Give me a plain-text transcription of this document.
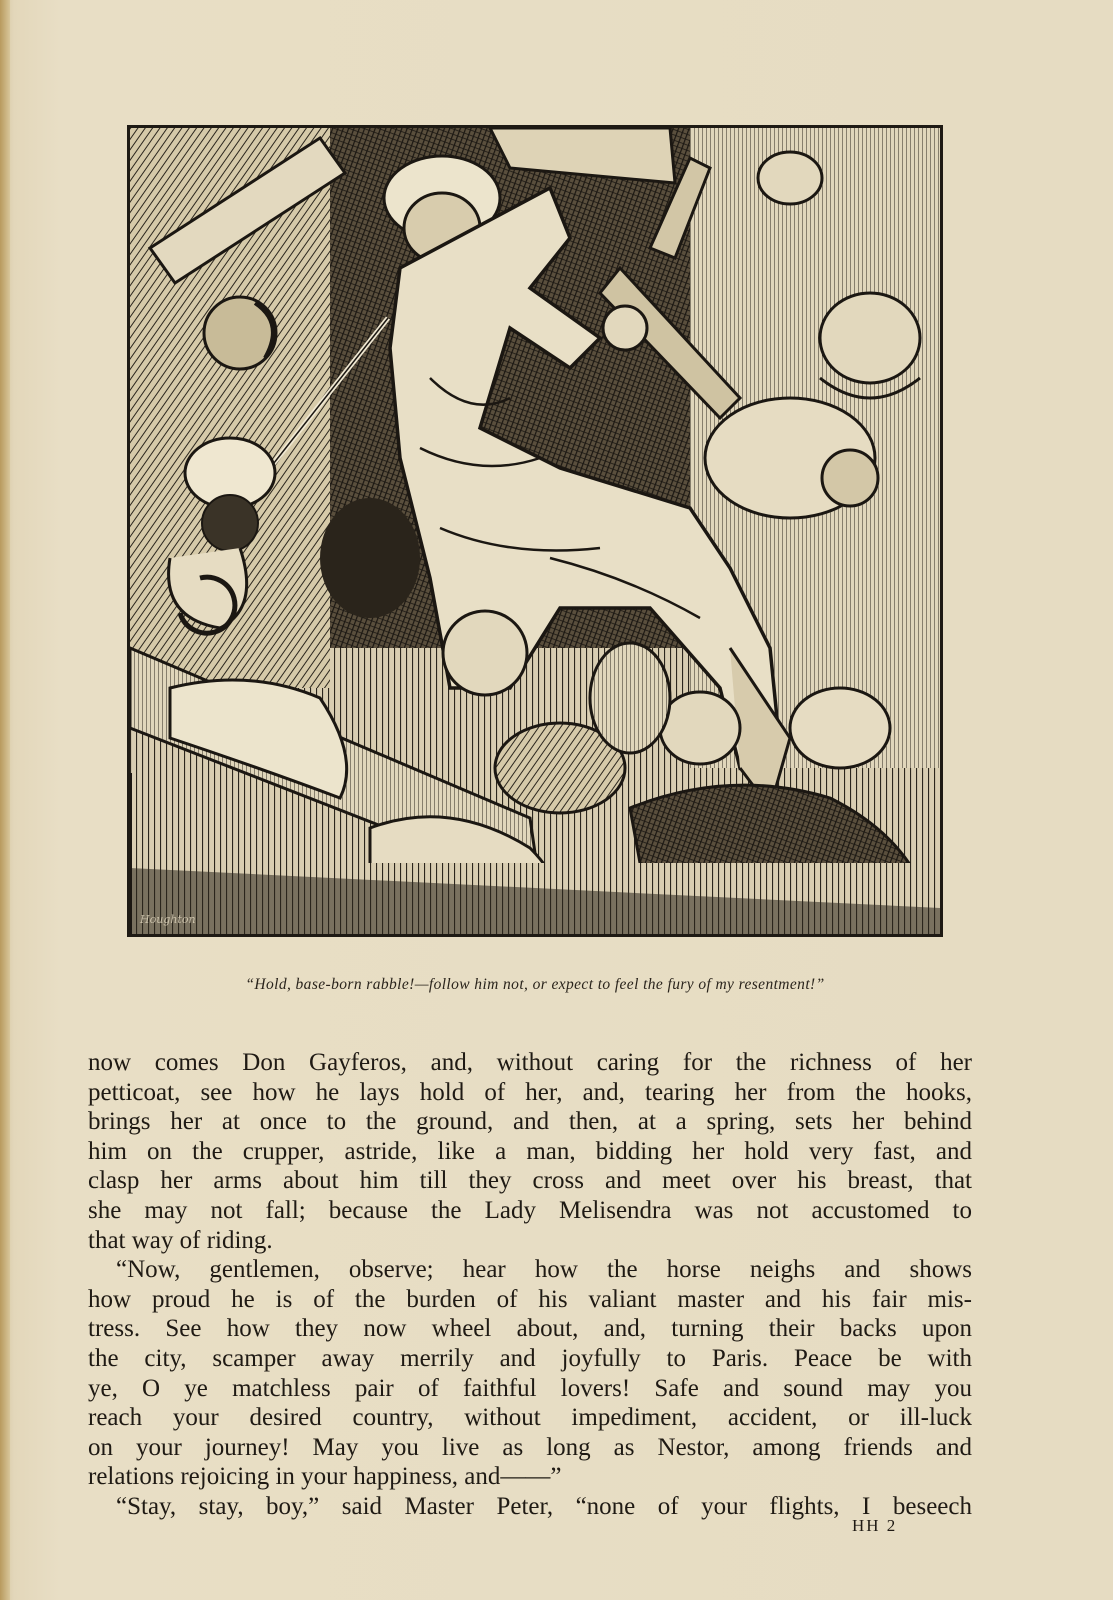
Houghton
“Hold, base-born rabble!—follow him not, or expect to feel the fury of my resentment!”
now comes Don Gayferos, and, without caring for the richness of her
petticoat, see how he lays hold of her, and, tearing her from the hooks,
brings her at once to the ground, and then, at a spring, sets her behind
him on the crupper, astride, like a man, bidding her hold very fast, and
clasp her arms about him till they cross and meet over his breast, that
she may not fall; because the Lady Melisendra was not accustomed to
that way of riding.
“Now, gentlemen, observe; hear how the horse neighs and shows
how proud he is of the burden of his valiant master and his fair mis-
tress. See how they now wheel about, and, turning their backs upon
the city, scamper away merrily and joyfully to Paris. Peace be with
ye, O ye matchless pair of faithful lovers! Safe and sound may you
reach your desired country, without impediment, accident, or ill-luck
on your journey! May you live as long as Nestor, among friends and
relations rejoicing in your happiness, and——”
“Stay, stay, boy,” said Master Peter, “none of your flights, I beseech
HH 2
